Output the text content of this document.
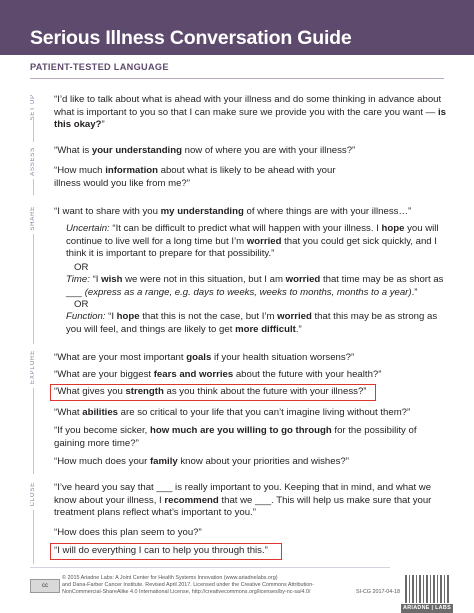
Serious Illness Conversation Guide
PATIENT-TESTED LANGUAGE
SET UP “I’d like to talk about what is ahead with your illness and do some thinking in advance about what is important to you so that I can make sure we provide you with the care you want — is this okay?”
ASSESS “What is your understanding now of where you are with your illness?”
“How much information about what is likely to be ahead with your illness would you like from me?”
SHARE “I want to share with you my understanding of where things are with your illness…”
Uncertain: “It can be difficult to predict what will happen with your illness. I hope you will continue to live well for a long time but I’m worried that you could get sick quickly, and I think it is important to prepare for that possibility.”
OR
Time: “I wish we were not in this situation, but I am worried that time may be as short as ___ (express as a range, e.g. days to weeks, weeks to months, months to a year).”
OR
Function: “I hope that this is not the case, but I’m worried that this may be as strong as you will feel, and things are likely to get more difficult.”
EXPLORE “What are your most important goals if your health situation worsens?”
“What are your biggest fears and worries about the future with your health?”
“What gives you strength as you think about the future with your illness?”
“What abilities are so critical to your life that you can’t imagine living without them?”
“If you become sicker, how much are you willing to go through for the possibility of gaining more time?”
“How much does your family know about your priorities and wishes?”
CLOSE “I’ve heard you say that ___ is really important to you. Keeping that in mind, and what we know about your illness, I recommend that we ___. This will help us make sure that your treatment plans reflect what’s important to you.”
“How does this plan seem to you?”
“I will do everything I can to help you through this.”
cc
© 2015 Ariadne Labs: A Joint Center for Health Systems Innovation (www.ariadnelabs.org)
and Dana-Farber Cancer Institute. Revised April 2017. Licensed under the Creative Commons Attribution-
NonCommercial-ShareAlike 4.0 International License, http://creativecommons.org/licenses/by-nc-sa/4.0/	SI-CG 2017-04-18
ARIADNE | LABS
